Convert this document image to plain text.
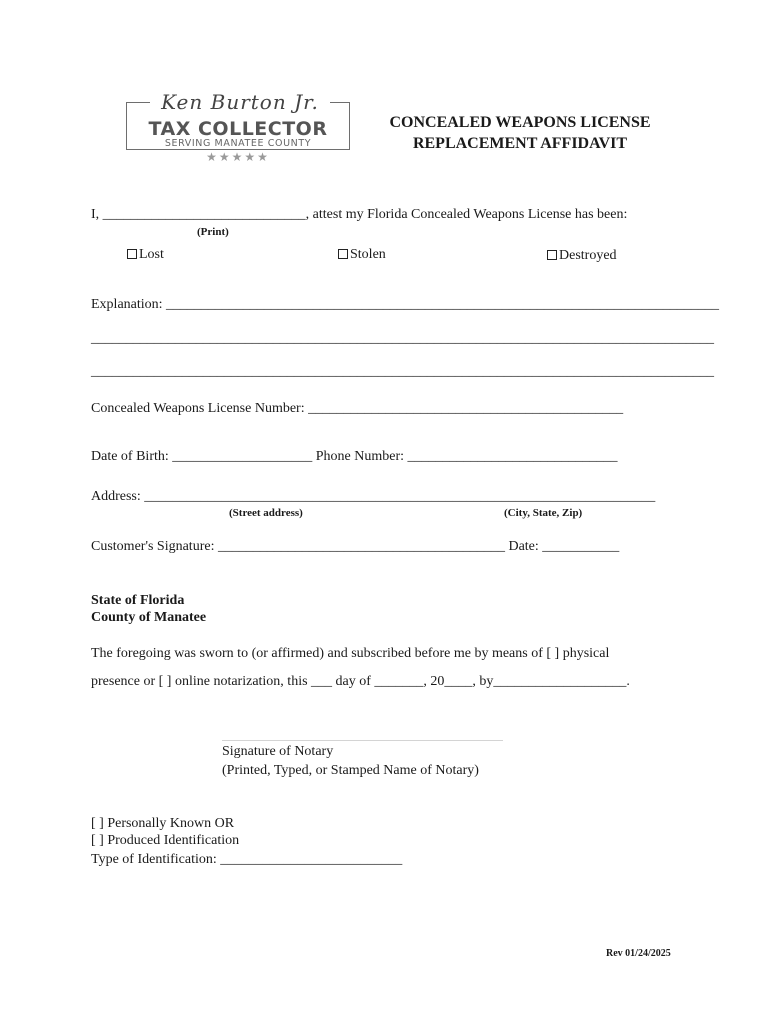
Ken Burton Jr.
TAX COLLECTOR
SERVING MANATEE COUNTY
★★★★★
CONCEALED WEAPONS LICENSE
REPLACEMENT AFFIDAVIT
I, _____________________________, attest my Florida Concealed Weapons License has been:
(Print)
Lost	Stolen	Destroyed
Explanation: _______________________________________________________________________________
_________________________________________________________________________________________
_________________________________________________________________________________________
Concealed Weapons License Number: _____________________________________________
Date of Birth: ____________________ Phone Number: ______________________________
Address: _________________________________________________________________________
(Street address)	(City, State, Zip)
Customer's Signature: _________________________________________ Date: ___________
State of Florida
County of Manatee
The foregoing was sworn to (or affirmed) and subscribed before me by means of [ ] physical
presence or [ ] online notarization, this ___ day of _______, 20____, by___________________.
Signature of Notary
(Printed, Typed, or Stamped Name of Notary)
[ ] Personally Known OR
[ ] Produced Identification
Type of Identification: __________________________
Rev 01/24/2025
